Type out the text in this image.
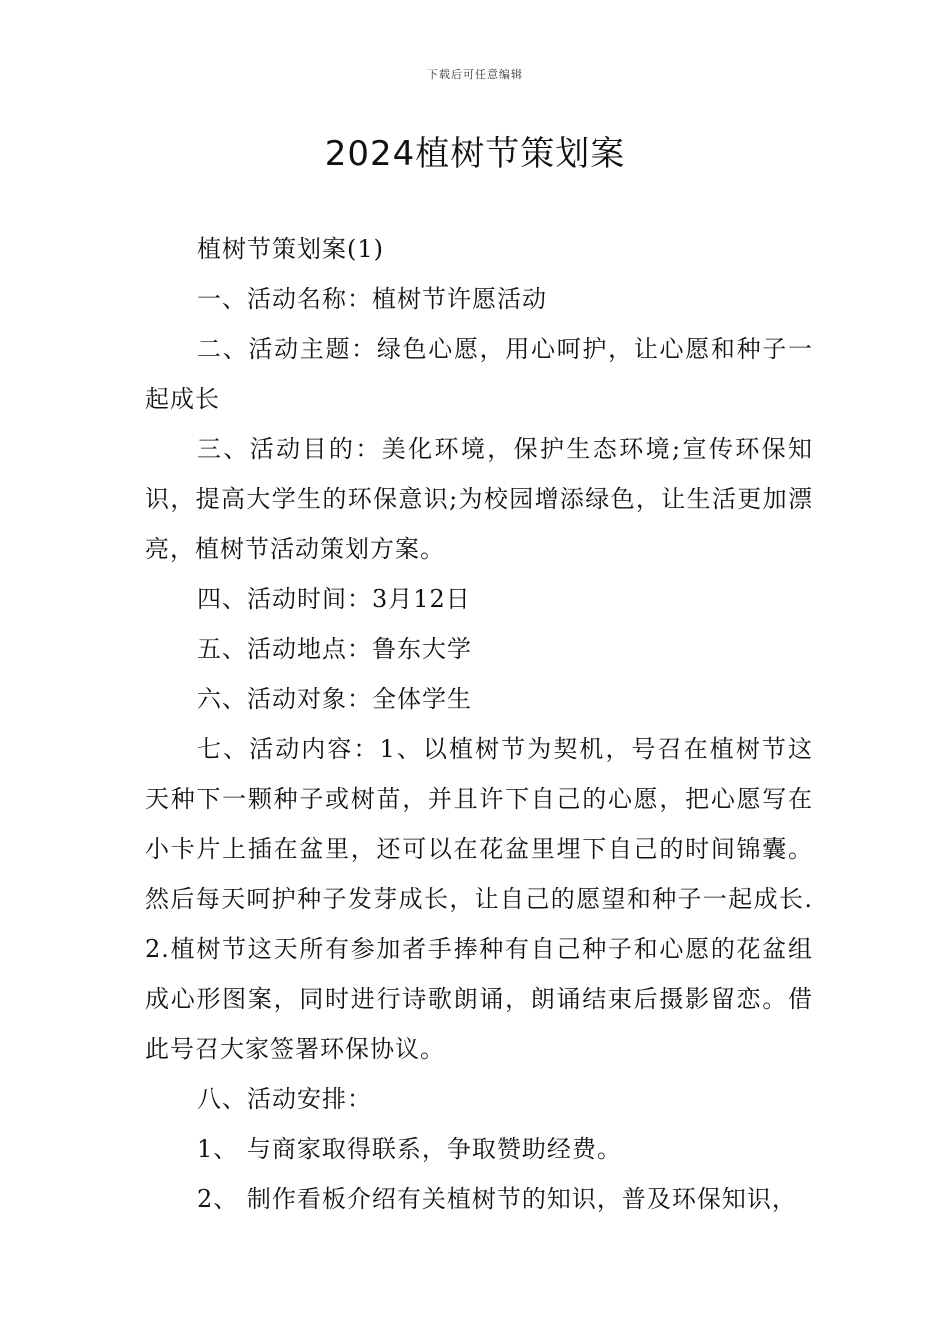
下载后可任意编辑
2024植树节策划案

植树节策划案(1)

一、活动名称：植树节许愿活动

二、活动主题：绿色心愿，用心呵护，让心愿和种子一起成长

三、活动目的：美化环境，保护生态环境;宣传环保知识，提高大学生的环保意识;为校园增添绿色，让生活更加漂亮，植树节活动策划方案。

四、活动时间：3月12日

五、活动地点：鲁东大学

六、活动对象：全体学生

七、活动内容：1、以植树节为契机，号召在植树节这天种下一颗种子或树苗，并且许下自己的心愿，把心愿写在小卡片上插在盆里，还可以在花盆里埋下自己的时间锦囊。然后每天呵护种子发芽成长，让自己的愿望和种子一起成长.2.植树节这天所有参加者手捧种有自己种子和心愿的花盆组成心形图案，同时进行诗歌朗诵，朗诵结束后摄影留恋。借此号召大家签署环保协议。

八、活动安排：

1、 与商家取得联系，争取赞助经费。

2、 制作看板介绍有关植树节的知识，普及环保知识，
